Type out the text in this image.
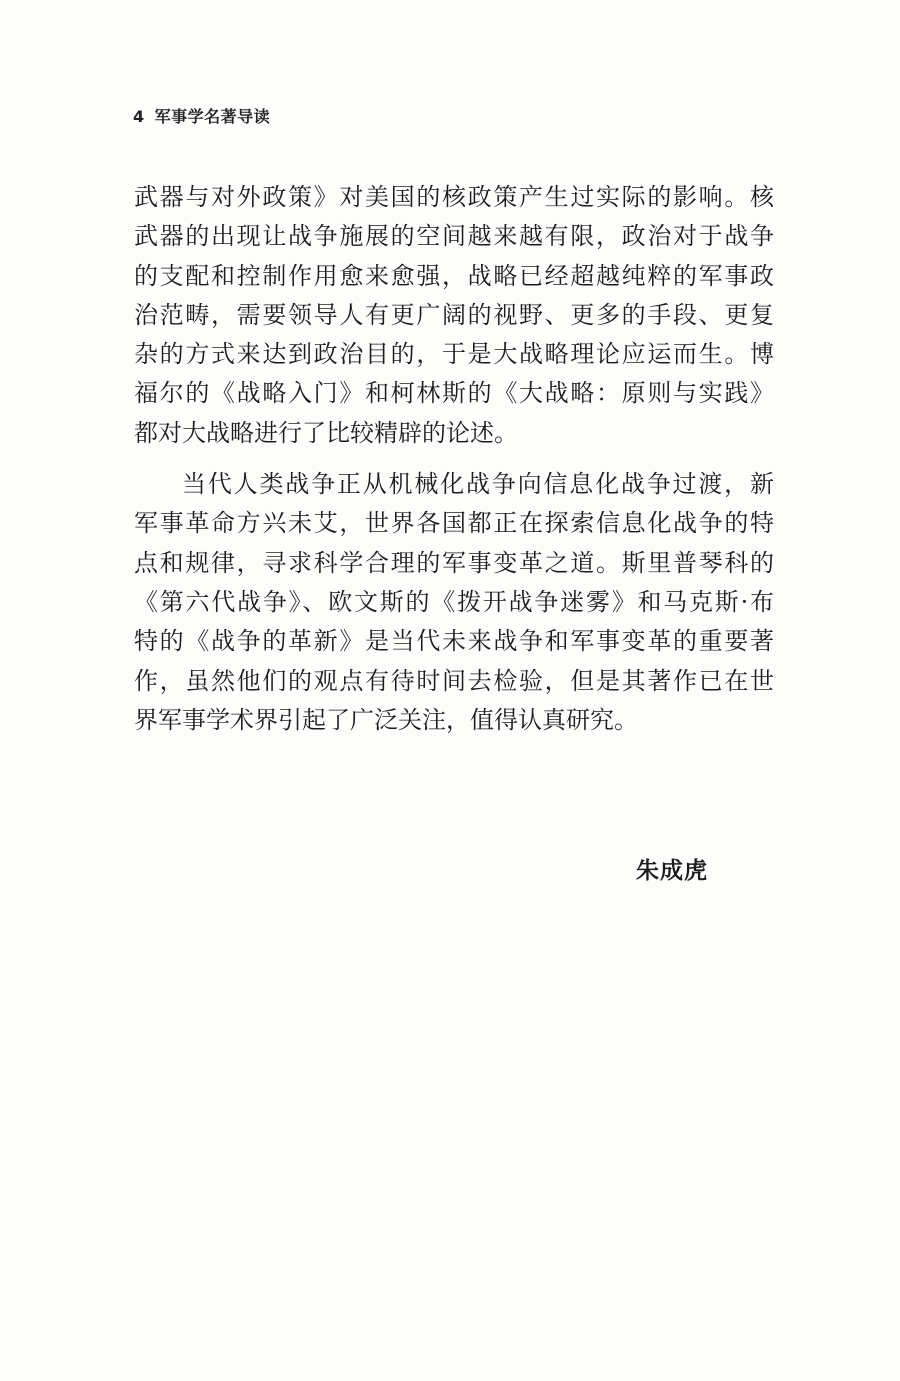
4 军事学名著导读
武器与对外政策》对美国的核政策产生过实际的影响。核
武器的出现让战争施展的空间越来越有限，政治对于战争
的支配和控制作用愈来愈强，战略已经超越纯粹的军事政
治范畴，需要领导人有更广阔的视野、更多的手段、更复
杂的方式来达到政治目的，于是大战略理论应运而生。博
福尔的《战略入门》和柯林斯的《大战略：原则与实践》
都对大战略进行了比较精辟的论述。
当代人类战争正从机械化战争向信息化战争过渡，新
军事革命方兴未艾，世界各国都正在探索信息化战争的特
点和规律，寻求科学合理的军事变革之道。斯里普琴科的
《第六代战争》、欧文斯的《拨开战争迷雾》和马克斯·布
特的《战争的革新》是当代未来战争和军事变革的重要著
作，虽然他们的观点有待时间去检验，但是其著作已在世
界军事学术界引起了广泛关注，值得认真研究。
朱成虎
